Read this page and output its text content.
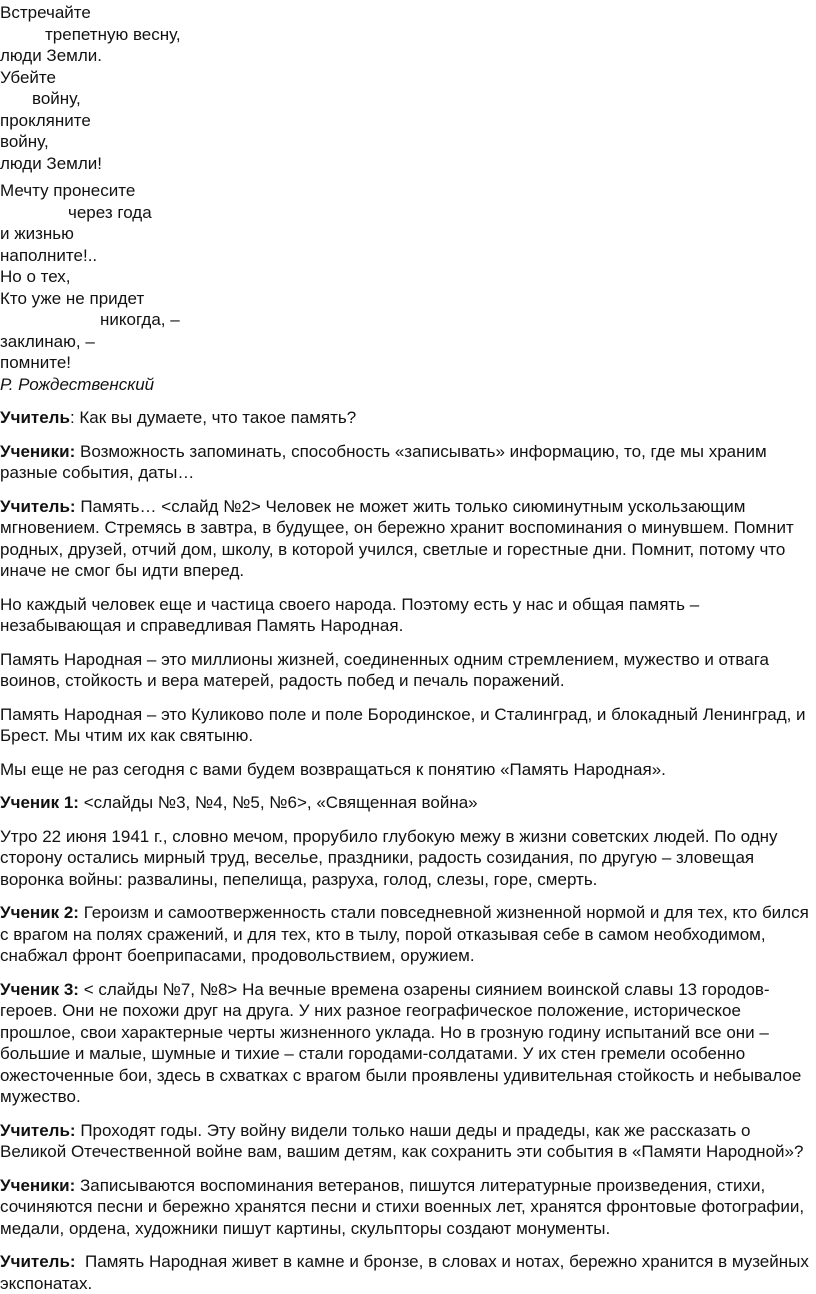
Встречайте
трепетную весну,
люди Земли.
Убейте
войну,
прокляните
войну,
люди Земли!
Мечту пронесите
через года
и жизнью
наполните!..
Но о тех,
Кто уже не придет
никогда, –
заклинаю, –
помните!
Р. Рождественский

Учитель: Как вы думаете, что такое память?

Ученики: Возможность запоминать, способность «записывать» информацию, то, где мы храним разные события, даты…

Учитель: Память… <слайд №2> Человек не может жить только сиюминутным ускользающим мгновением. Стремясь в завтра, в будущее, он бережно хранит воспоминания о минувшем. Помнит родных, друзей, отчий дом, школу, в которой учился, светлые и горестные дни. Помнит, потому что иначе не смог бы идти вперед.

Но каждый человек еще и частица своего народа. Поэтому есть у нас и общая память – незабывающая и справедливая Память Народная.

Память Народная – это миллионы жизней, соединенных одним стремлением, мужество и отвага воинов, стойкость и вера матерей, радость побед и печаль поражений.

Память Народная – это Куликово поле и поле Бородинское, и Сталинград, и блокадный Ленинград, и Брест. Мы чтим их как святыню.

Мы еще не раз сегодня с вами будем возвращаться к понятию «Память Народная».

Ученик 1: <слайды №3, №4, №5, №6>, «Священная война»

Утро 22 июня 1941 г., словно мечом, прорубило глубокую межу в жизни советских людей. По одну сторону остались мирный труд, веселье, праздники, радость созидания, по другую – зловещая воронка войны: развалины, пепелища, разруха, голод, слезы, горе, смерть.

Ученик 2: Героизм и самоотверженность стали повседневной жизненной нормой и для тех, кто бился с врагом на полях сражений, и для тех, кто в тылу, порой отказывая себе в самом необходимом, снабжал фронт боеприпасами, продовольствием, оружием.

Ученик 3: < слайды №7, №8> На вечные времена озарены сиянием воинской славы 13 городов-героев. Они не похожи друг на друга. У них разное географическое положение, историческое прошлое, свои характерные черты жизненного уклада. Но в грозную годину испытаний все они – большие и малые, шумные и тихие – стали городами-солдатами. У их стен гремели особенно ожесточенные бои, здесь в схватках с врагом были проявлены удивительная стойкость и небывалое мужество.

Учитель: Проходят годы. Эту войну видели только наши деды и прадеды, как же рассказать о Великой Отечественной войне вам, вашим детям, как сохранить эти события в «Памяти Народной»?

Ученики: Записываются воспоминания ветеранов, пишутся литературные произведения, стихи, сочиняются песни и бережно хранятся песни и стихи военных лет, хранятся фронтовые фотографии, медали, ордена, художники пишут картины, скульпторы создают монументы.

Учитель: Память Народная живет в камне и бронзе, в словах и нотах, бережно хранится в музейных экспонатах.
